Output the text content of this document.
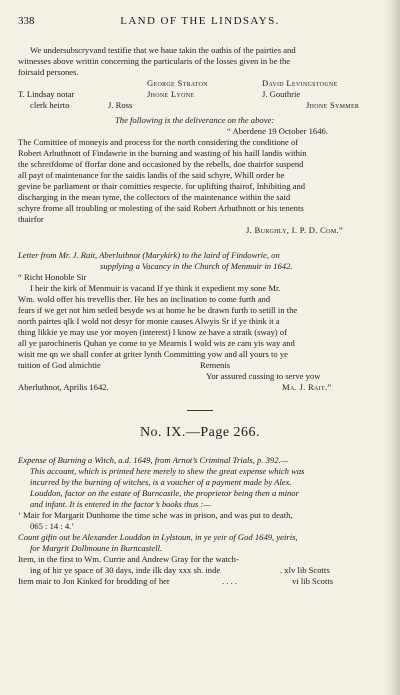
338	LAND OF THE LINDSAYS.
We undersubscryvand testifie that we haue takin the oathis of the pairties and
witnesses above writtin concerning the particularis of the losses given in be the
foirsaid persones.
George Straton	David Levingstoune
T. Lindsay notar	Jhone Lyone	J. Gouthrie
clerk heirto	J. Ross	Jhone Symmer
The following is the deliverance on the above:
“ Aberdene 19 October 1646.
The Comittiee of moneyis and process for the north considering the conditione of
Robert Arbuthnott of Findawrie in the burning and wasting of his haill landis within
the schreifdome of fforfar done and occasioned by the rebells, doe thairfor suspend
all payt of maintenance for the saidis landis of the said schyre, Whill order be
gevine be parliament or thair comitties respecte. for uplifting thairof, Inhibiting and
discharging in the mean tyme, the collectors of the maintenance within the said
schyre frome all troubling or molesting of the said Robert Arbuthnott or his tenents
thairfor
J. Burghly, I. P. D. Com.”
Letter from Mr. J. Rait, Aberluthnot (Marykirk) to the laird of Findowrie, on
supplying a Vacancy in the Church of Menmuir in 1642.
“ Richt Honoble Sir
I heir the kirk of Menmuir is vacand If ye think it expedient my sone Mr.
Wm. wold offer his trevellis ther. He hes an inclination to come furth and
fears if we get not him setled besyde ws at home he be drawn furth to setill in the
north pairtes qlk I wold not desyr for monie causes Alwyis Sr if ye think it a
thing likkie ye may use yor moyen (interest) I know ze have a straik (sway) of
all ye parochineris Quhan ye come to ye Mearnis I wold wis ze cam yis way and
wisit me qn we shall confer at griter lynth Committing yow and all yours to ye
tuition of God almichtie	Remenis
Yor assured cussing to serve yow
Aberluthnot, Aprilis 1642.	Ma. J. Rait.”
No. IX.—Page 266.
Expense of Burning a Witch, a.d. 1649, from Arnot’s Criminal Trials, p. 392.—
This account, which is printed here merely to shew the great expense which was
incurred by the burning of witches, is a voucher of a payment made by Alex.
Louddon, factor on the estate of Burncastle, the proprietor being then a minor
and infant. It is entered in the factor’s books thus :—
‘ Mair for Margarit Dunhome the time sche was in prison, and was put to death,
065 : 14 : 4.’
Count gifin out be Alexander Louddon in Lylstoun, in ye yeir of God 1649, yeiris,
for Margrit Dollmoune in Burncastell.
Item, in the first to Wm. Currie and Andrew Gray for the watch-
ing of hir ye space of 30 days, inde ilk day xxx sh. inde	. xlv lib Scotts
Item mair to Jon Kinked for brodding of her	. . . .	vi lib Scotts
